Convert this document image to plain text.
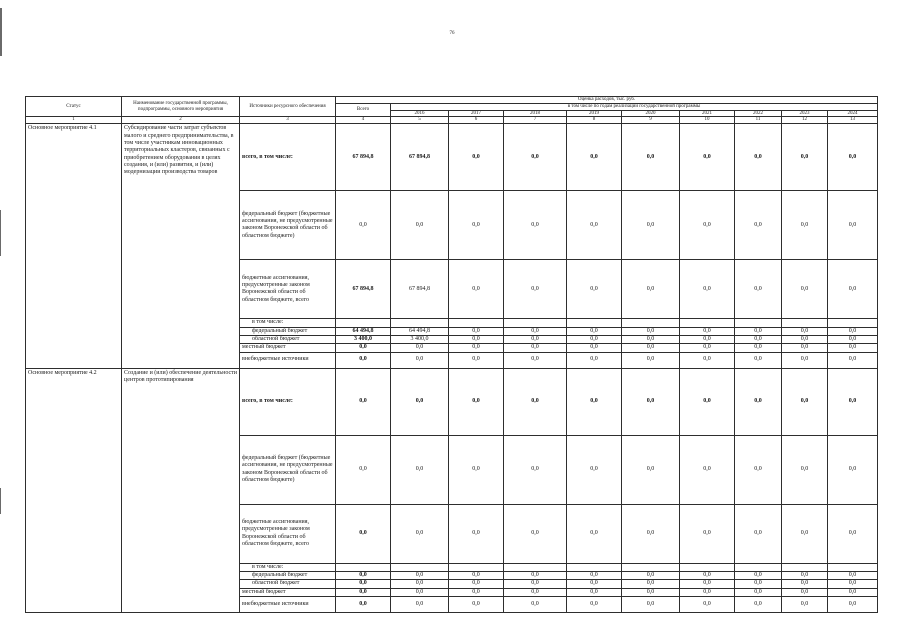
76
Статус	Наименование государственной программы, подпрограммы, основного мероприятия	Источники ресурсного обеспечения	Оценка расходов, тыс. руб.									
			Всего	в том числе по годам реализации государственной программы								
				2016	2017	2018	2019	2020	2021	2022	2023	2024
1	2	3	4	5	6	7	8	9	10	11	12	13
Основное мероприятие 4.1	Субсидирование части затрат субъектов малого и среднего предпринимательства, в том числе участникам инновационных территориальных кластеров, связанных с приобретением оборудования в целях создания, и (или) развития, и (или) модернизации производства товаров	всего, в том числе:	67 894,8	67 894,8	0,0	0,0	0,0	0,0	0,0	0,0	0,0	0,0
		федеральный бюджет (бюджетные ассигнования, не предусмотренные законом Воронежской области об областном бюджете)	0,0	0,0	0,0	0,0	0,0	0,0	0,0	0,0	0,0	0,0
		бюджетные ассигнования, предусмотренные законом Воронежской области об областном бюджете, всего	67 894,8	67 894,8	0,0	0,0	0,0	0,0	0,0	0,0	0,0	0,0
		в том числе:										
		федеральный бюджет	64 494,8	64 494,8	0,0	0,0	0,0	0,0	0,0	0,0	0,0	0,0
		областной бюджет	3 400,0	3 400,0	0,0	0,0	0,0	0,0	0,0	0,0	0,0	0,0
		местный бюджет	0,0	0,0	0,0	0,0	0,0	0,0	0,0	0,0	0,0	0,0
		внебюджетные источники	0,0	0,0	0,0	0,0	0,0	0,0	0,0	0,0	0,0	0,0
Основное мероприятие 4.2	Создание и (или) обеспечение деятельности центров прототипирования	всего, в том числе:	0,0	0,0	0,0	0,0	0,0	0,0	0,0	0,0	0,0	0,0
		федеральный бюджет (бюджетные ассигнования, не предусмотренные законом Воронежской области об областном бюджете)	0,0	0,0	0,0	0,0	0,0	0,0	0,0	0,0	0,0	0,0
		бюджетные ассигнования, предусмотренные законом Воронежской области об областном бюджете, всего	0,0	0,0	0,0	0,0	0,0	0,0	0,0	0,0	0,0	0,0
		в том числе:										
		федеральный бюджет	0,0	0,0	0,0	0,0	0,0	0,0	0,0	0,0	0,0	0,0
		областной бюджет	0,0	0,0	0,0	0,0	0,0	0,0	0,0	0,0	0,0	0,0
		местный бюджет	0,0	0,0	0,0	0,0	0,0	0,0	0,0	0,0	0,0	0,0
		внебюджетные источники	0,0	0,0	0,0	0,0	0,0	0,0	0,0	0,0	0,0	0,0
